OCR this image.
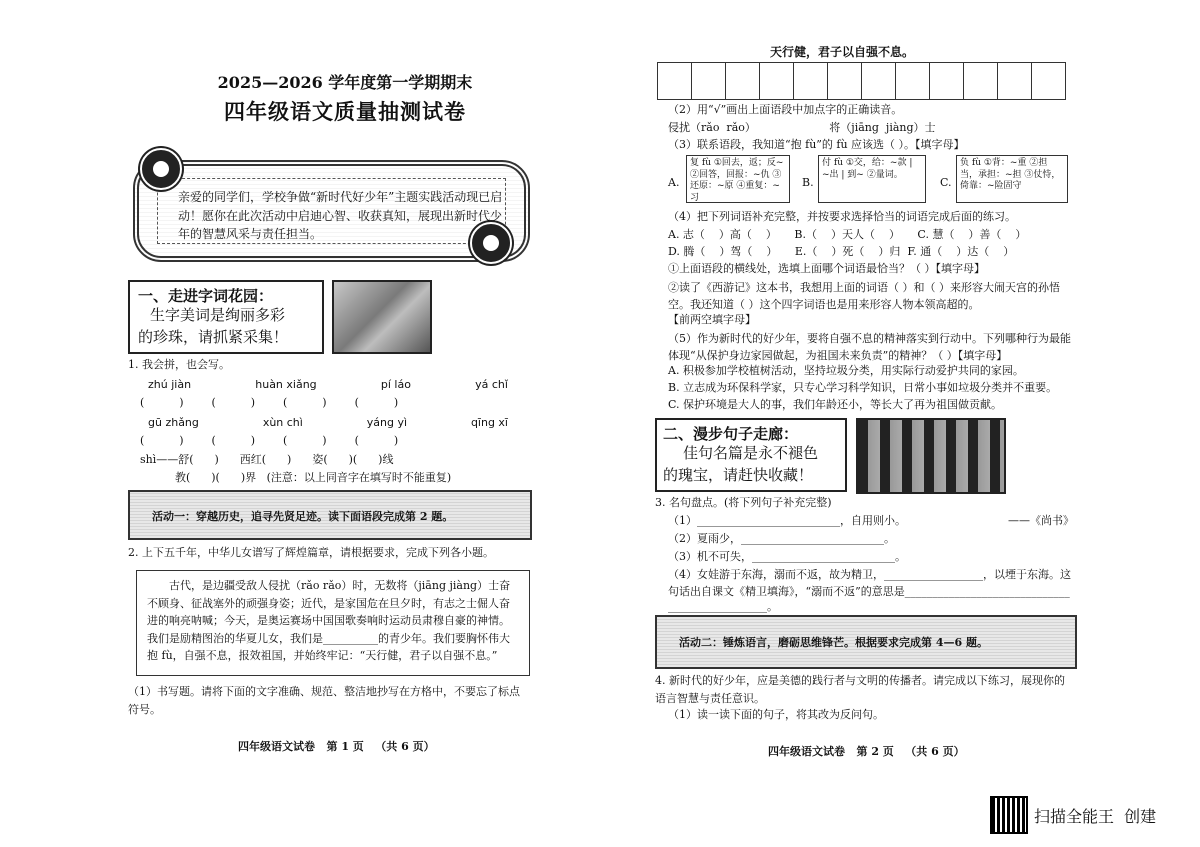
2025—2026 学年度第一学期期末
四年级语文质量抽测试卷
亲爱的同学们，学校争做“新时代好少年”主题实践活动现已启动！愿你在此次活动中启迪心智、收获真知，展现出新时代少年的智慧风采与责任担当。
一、走进字词花园：
生字美词是绚丽多彩
的珍珠，请抓紧采集！
1. 我会拼，也会写。
zhú jiàn	huàn xiǎng	pí láo	yá chǐ
(          )        (          )        (          )        (          )
gū zhǎng	xùn chì	yáng yì	qīng xī
(          )        (          )        (          )        (          )
shì——舒(      )      西红(      )      姿(      )(      )线
教(      )(      )界   (注意：以上同音字在填写时不能重复)
活动一：穿越历史，追寻先贤足迹。读下面语段完成第 2 题。
2. 上下五千年，中华儿女谱写了辉煌篇章，请根据要求，完成下列各小题。
古代，是边疆受敌人侵扰（rǎo rǎo）时，无数将（jiāng jiàng）士奋不顾身、征战塞外的顽强身姿；近代，是家国危在旦夕时，有志之士倔人奋进的响亮呐喊；今天，是奥运赛场中国国歌奏响时运动员肃穆自豪的神情。我们是励精图治的华夏儿女，我们是__________的青少年。我们要胸怀伟大抱 fù，自强不息，报效祖国，并始终牢记：“天行健，君子以自强不息。”
（1）书写题。请将下面的文字准确、规范、整洁地抄写在方格中，不要忘了标点符号。
四年级语文试卷   第 1 页   （共 6 页）
天行健，君子以自强不息。
（2）用“√”画出上面语段中加点字的正确读音。
侵扰（rǎo  rǎo）                     将（jiāng  jiàng）士
（3）联系语段，我知道“抱 fù”的 fù 应该选（ ）。【填字母】
A.
复 fù ①回去，返；反~ ②回答，回报：~仇 ③还原：~原 ④重复：~习
B.
付 fù ①交，给：~款 | ~出 | 到~ ②量词。
C.
负 fù ①背：~重 ②担当，承担：~担 ③仗恃，倚靠：~险固守
（4）把下列词语补充完整，并按要求选择恰当的词语完成后面的练习。
A. 志（    ）高（    ）     B.（    ）天人（    ）     C. 慧（    ）善（    ）
D. 腾（    ）驾（    ）     E.（    ）死（    ）归  F. 通（    ）达（    ）
①上面语段的横线处，选填上面哪个词语最恰当？（ ）【填字母】
②读了《西游记》这本书，我想用上面的词语（ ）和（ ）来形容大闹天宫的孙悟空。我还知道（ ）这个四字词语也是用来形容人物本领高超的。
【前两空填字母】
（5）作为新时代的好少年，要将自强不息的精神落实到行动中。下列哪种行为最能体现“从保护身边家园做起，为祖国未来负责”的精神？（ ）【填字母】
A. 积极参加学校植树活动，坚持垃圾分类，用实际行动爱护共同的家园。
B. 立志成为环保科学家，只专心学习科学知识，日常小事如垃圾分类并不重要。
C. 保护环境是大人的事，我们年龄还小，等长大了再为祖国做贡献。
二、漫步句子走廊：
佳句名篇是永不褪色
的瑰宝，请赶快收藏！
3. 名句盘点。(将下列句子补充完整)
（1）__________________________，自用则小。	——《尚书》
（2）夏雨少，__________________________。
（3）机不可失，__________________________。
（4）女娃游于东海，溺而不返，故为精卫，__________________，以堙于东海。这句话出自课文《精卫填海》，“溺而不返”的意思是______________________________
__________________。
活动二：锤炼语言，磨砺思维锋芒。根据要求完成第 4—6 题。
4. 新时代的好少年，应是美德的践行者与文明的传播者。请完成以下练习，展现你的语言智慧与责任意识。
（1）读一读下面的句子，将其改为反问句。
四年级语文试卷   第 2 页   （共 6 页）
扫描全能王  创建
